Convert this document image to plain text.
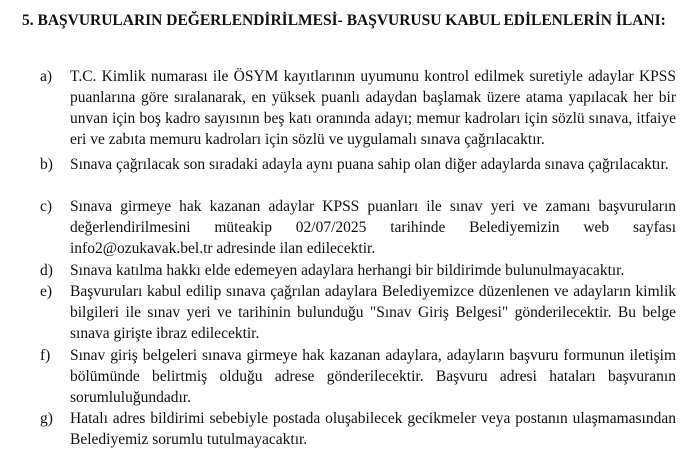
5. BAŞVURULARIN DEĞERLENDİRİLMESİ- BAŞVURUSU KABUL EDİLENLERİN İLANI:
a) T.C. Kimlik numarası ile ÖSYM kayıtlarının uyumunu kontrol edilmek suretiyle adaylar KPSS puanlarına göre sıralanarak, en yüksek puanlı adaydan başlamak üzere atama yapılacak her bir unvan için boş kadro sayısının beş katı oranında adayı; memur kadroları için sözlü sınava, itfaiye eri ve zabıta memuru kadroları için sözlü ve uygulamalı sınava çağrılacaktır.
b) Sınava çağrılacak son sıradaki adayla aynı puana sahip olan diğer adaylarda sınava çağrılacaktır.
c) Sınava girmeye hak kazanan adaylar KPSS puanları ile sınav yeri ve zamanı başvuruların değerlendirilmesini müteakip 02/07/2025 tarihinde Belediyemizin web sayfası info2@ozukavak.bel.tr adresinde ilan edilecektir.
d) Sınava katılma hakkı elde edemeyen adaylara herhangi bir bildirimde bulunulmayacaktır.
e) Başvuruları kabul edilip sınava çağrılan adaylara Belediyemizce düzenlenen ve adayların kimlik bilgileri ile sınav yeri ve tarihinin bulunduğu "Sınav Giriş Belgesi" gönderilecektir. Bu belge sınava girişte ibraz edilecektir.
f) Sınav giriş belgeleri sınava girmeye hak kazanan adaylara, adayların başvuru formunun iletişim bölümünde belirtmiş olduğu adrese gönderilecektir. Başvuru adresi hataları başvuranın sorumluluğundadır.
g) Hatalı adres bildirimi sebebiyle postada oluşabilecek gecikmeler veya postanın ulaşmamasından Belediyemiz sorumlu tutulmayacaktır.
